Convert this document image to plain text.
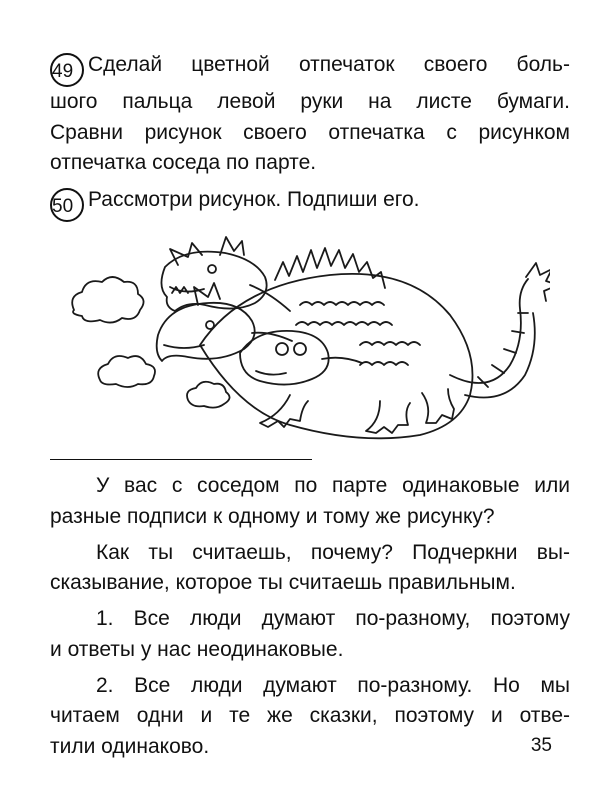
49 Сделай цветной отпечаток своего боль-
шого пальца левой руки на листе бумаги.
Сравни рисунок своего отпечатка с рисунком
отпечатка соседа по парте.
50 Рассмотри рисунок. Подпиши его.
У вас с соседом по парте одинаковые или
разные подписи к одному и тому же рисунку?
Как ты считаешь, почему? Подчеркни вы-
сказывание, которое ты считаешь правильным.
1. Все люди думают по-разному, поэтому
и ответы у нас неодинаковые.
2. Все люди думают по-разному. Но мы
читаем одни и те же сказки, поэтому и отве-
тили одинаково.	35
